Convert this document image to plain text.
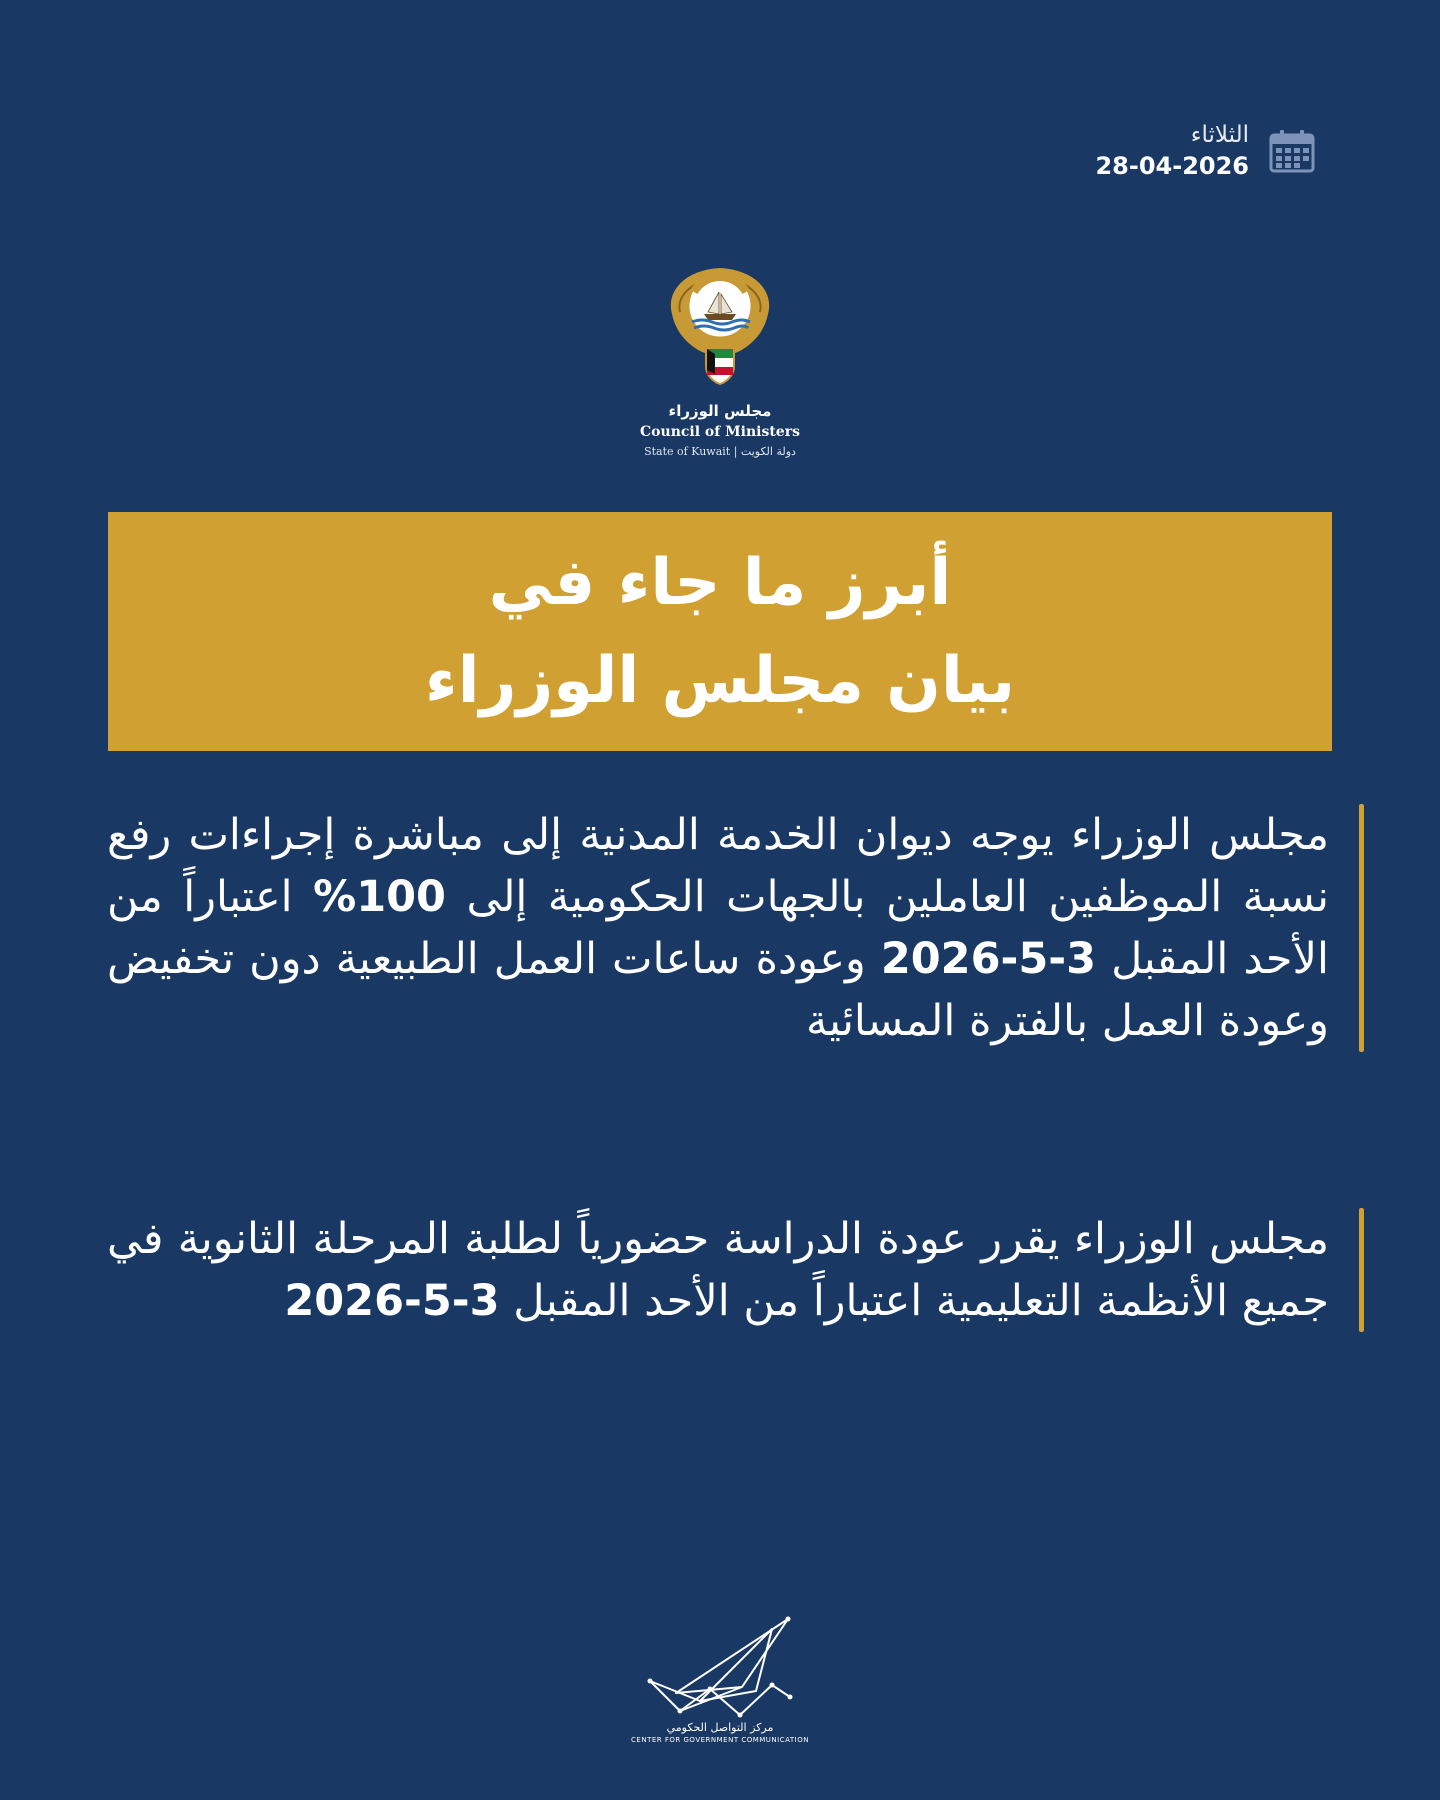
الثلاثاء
28-04-2026
مجلس الوزراء
Council of Ministers
State of Kuwait | دولة الكويت
أبرز ما جاء في
بيان مجلس الوزراء
مجلس الوزراء يوجه ديوان الخدمة المدنية إلى مباشرة إجراءات رفع نسبة الموظفين العاملين بالجهات الحكومية إلى 100% اعتباراً من الأحد المقبل 3-5-2026 وعودة ساعات العمل الطبيعية دون تخفيض وعودة العمل بالفترة المسائية
مجلس الوزراء يقرر عودة الدراسة حضورياً لطلبة المرحلة الثانوية في جميع الأنظمة التعليمية اعتباراً من الأحد المقبل 3-5-2026
مركز التواصل الحكومي
CENTER FOR GOVERNMENT COMMUNICATION
